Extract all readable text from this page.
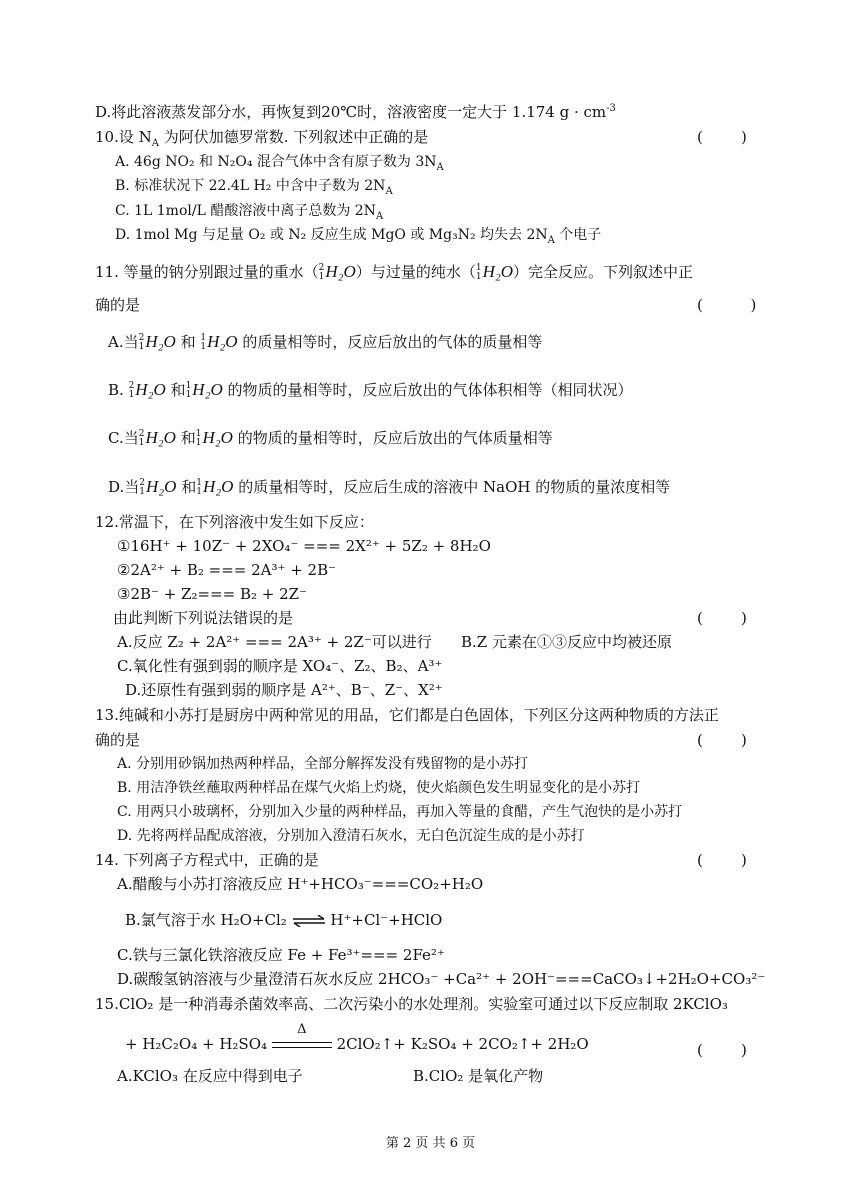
D.将此溶液蒸发部分水，再恢复到20℃时，溶液密度一定大于 1.174 $g \cdot cm^{-3}$
10.设 $N_A$ 为阿伏加德罗常数. 下列叙述中正确的是	(        )
A. 46g NO₂ 和 N₂O₄ 混合气体中含有原子数为 $3N_A$
B. 标准状况下 22.4L H₂ 中含中子数为 $2N_A$
C. 1L 1mol/L 醋酸溶液中离子总数为 $2N_A$
D. 1mol Mg 与足量 O₂ 或 N₂ 反应生成 MgO 或 Mg₃N₂ 均失去 $2N_A$ 个电子
11. 等量的钠分别跟过量的重水（2
1H₂O）与过量的纯水（1
1H₂O）完全反应。下列叙述中正
确的是	(          )
A.当2
1H₂O 和 1
1H₂O 的质量相等时，反应后放出的气体的质量相等
B. 2
1H₂O 和1
1H₂O 的物质的量相等时，反应后放出的气体体积相等（相同状况）
C.当2
1H₂O 和1
1H₂O 的物质的量相等时，反应后放出的气体质量相等
D.当2
1H₂O 和1
1H₂O 的质量相等时，反应后生成的溶液中 NaOH 的物质的量浓度相等
12.常温下，在下列溶液中发生如下反应：
①16H⁺ + 10Z⁻ + 2XO₄⁻ === 2X²⁺ + 5Z₂ + 8H₂O
②2A²⁺ + B₂ === 2A³⁺ + 2B⁻
③2B⁻ + Z₂=== B₂ + 2Z⁻
由此判断下列说法错误的是	(        )
A.反应 Z₂ + 2A²⁺ === 2A³⁺ + 2Z⁻可以进行 B.Z 元素在①③反应中均被还原
C.氧化性有强到弱的顺序是 XO₄⁻、Z₂、B₂、A³⁺
D.还原性有强到弱的顺序是 A²⁺、B⁻、Z⁻、X²⁺
13.纯碱和小苏打是厨房中两种常见的用品，它们都是白色固体，下列区分这两种物质的方法正
确的是	(        )
A. 分别用砂锅加热两种样品，全部分解挥发没有残留物的是小苏打
B. 用洁净铁丝蘸取两种样品在煤气火焰上灼烧，使火焰颜色发生明显变化的是小苏打
C. 用两只小玻璃杯，分别加入少量的两种样品，再加入等量的食醋，产生气泡快的是小苏打
D. 先将两样品配成溶液，分别加入澄清石灰水，无白色沉淀生成的是小苏打
14. 下列离子方程式中，正确的是	(        )
A.醋酸与小苏打溶液反应 H⁺+HCO₃⁻===CO₂+H₂O
B.氯气溶于水 H₂O+Cl₂ ⇌ H⁺+Cl⁻+HClO
C.铁与三氯化铁溶液反应 Fe + Fe³⁺=== 2Fe²⁺
D.碳酸氢钠溶液与少量澄清石灰水反应 2HCO₃⁻ +Ca²⁺ + 2OH⁻===CaCO₃↓+2H₂O+CO₃²⁻
15.ClO₂ 是一种消毒杀菌效率高、二次污染小的水处理剂。实验室可通过以下反应制取 2KClO₃
+ H₂C₂O₄ + H₂SO₄
Δ
2ClO₂↑+ K₂SO₄ + 2CO₂↑+ 2H₂O	(        )
A.KClO₃ 在反应中得到电子	B.ClO₂ 是氧化产物
第 2 页 共 6 页
